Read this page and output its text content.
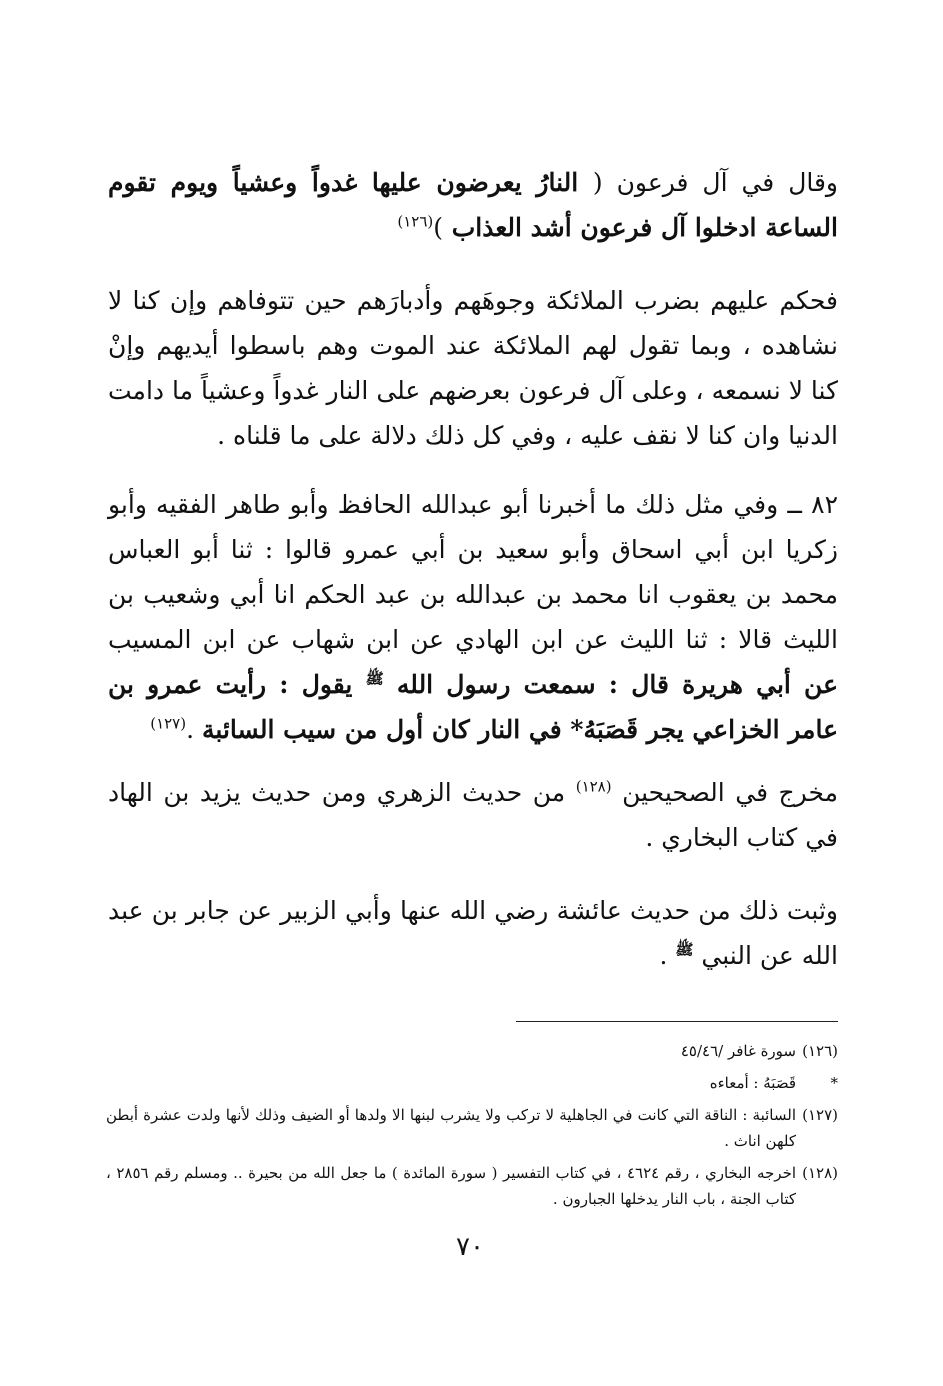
وقال في آل فرعون ( النارُ يعرضون عليها غدواً وعشياً ويوم تقوم الساعة ادخلوا آل فرعون أشد العذاب )$^{(١٢٦)}$

فحكم عليهم بضرب الملائكة وجوهَهم وأدبارَهم حين تتوفاهم وإن كنا لا نشاهده ، وبما تقول لهم الملائكة عند الموت وهم باسطوا أيديهم وإنْ كنا لا نسمعه ، وعلى آل فرعون بعرضهم على النار غدواً وعشياً ما دامت الدنيا وان كنا لا نقف عليه ، وفي كل ذلك دلالة على ما قلناه .

٨٢ ــ وفي مثل ذلك ما أخبرنا أبو عبدالله الحافظ وأبو طاهر الفقيه وأبو زكريا ابن أبي اسحاق وأبو سعيد بن أبي عمرو قالوا : ثنا أبو العباس محمد بن يعقوب انا محمد بن عبدالله بن عبد الحكم انا أبي وشعيب بن الليث قالا : ثنا الليث عن ابن الهادي عن ابن شهاب عن ابن المسيب عن أبي هريرة قال : سمعت رسول الله $^ﷺ$ يقول : رأيت عمرو بن عامر الخزاعي يجر قَصَبَهُ* في النار كان أول من سيب السائبة .$^{(١٢٧)}$

مخرج في الصحيحين $^{(١٢٨)}$ من حديث الزهري ومن حديث يزيد بن الهاد في كتاب البخاري .

وثبت ذلك من حديث عائشة رضي الله عنها وأبي الزبير عن جابر بن عبد الله عن النبي $^ﷺ$ .

(١٢٦)
سورة غافر /٤٥/٤٦
*
قَصَبَهُ : أمعاءه
(١٢٧)
السائبة : الناقة التي كانت في الجاهلية لا تركب ولا يشرب لبنها الا ولدها أو الضيف وذلك لأنها ولدت عشرة أبطن كلهن اناث .
(١٢٨)
اخرجه البخاري ، رقم ٤٦٢٤ ، في كتاب التفسير ( سورة المائدة ) ما جعل الله من بحيرة .. ومسلم رقم ٢٨٥٦ ، كتاب الجنة ، باب النار يدخلها الجبارون .
٧٠
